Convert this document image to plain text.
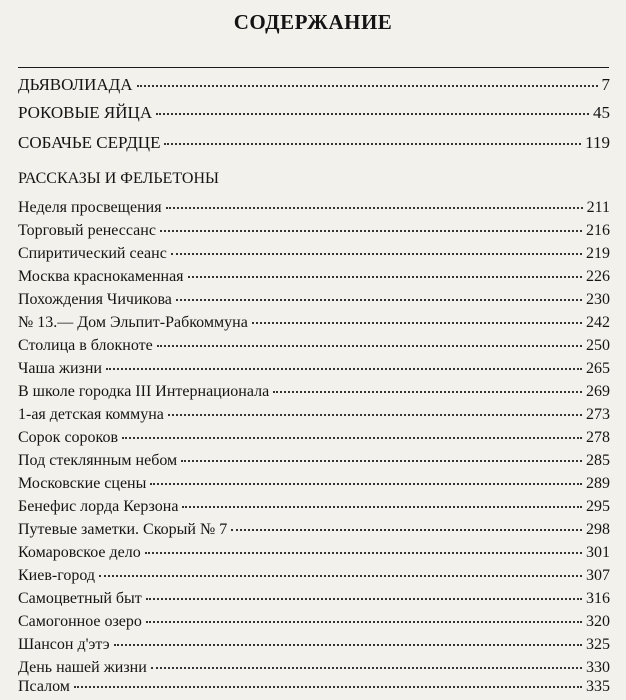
СОДЕРЖАНИЕ
ДЬЯВОЛИАДА	7
РОКОВЫЕ ЯЙЦА	45
СОБАЧЬЕ СЕРДЦЕ	119
РАССКАЗЫ И ФЕЛЬЕТОНЫ
Неделя просвещения	211
Торговый ренессанс	216
Спиритический сеанс	219
Москва краснокаменная	226
Похождения Чичикова	230
№ 13.— Дом Эльпит-Рабкоммуна	242
Столица в блокноте	250
Чаша жизни	265
В школе городка III Интернационала	269
1-ая детская коммуна	273
Сорок сороков	278
Под стеклянным небом	285
Московские сцены	289
Бенефис лорда Керзона	295
Путевые заметки. Скорый № 7	298
Комаровское дело	301
Киев-город	307
Самоцветный быт	316
Самогонное озеро	320
Шансон д'этэ	325
День нашей жизни	330
Псалом	335
